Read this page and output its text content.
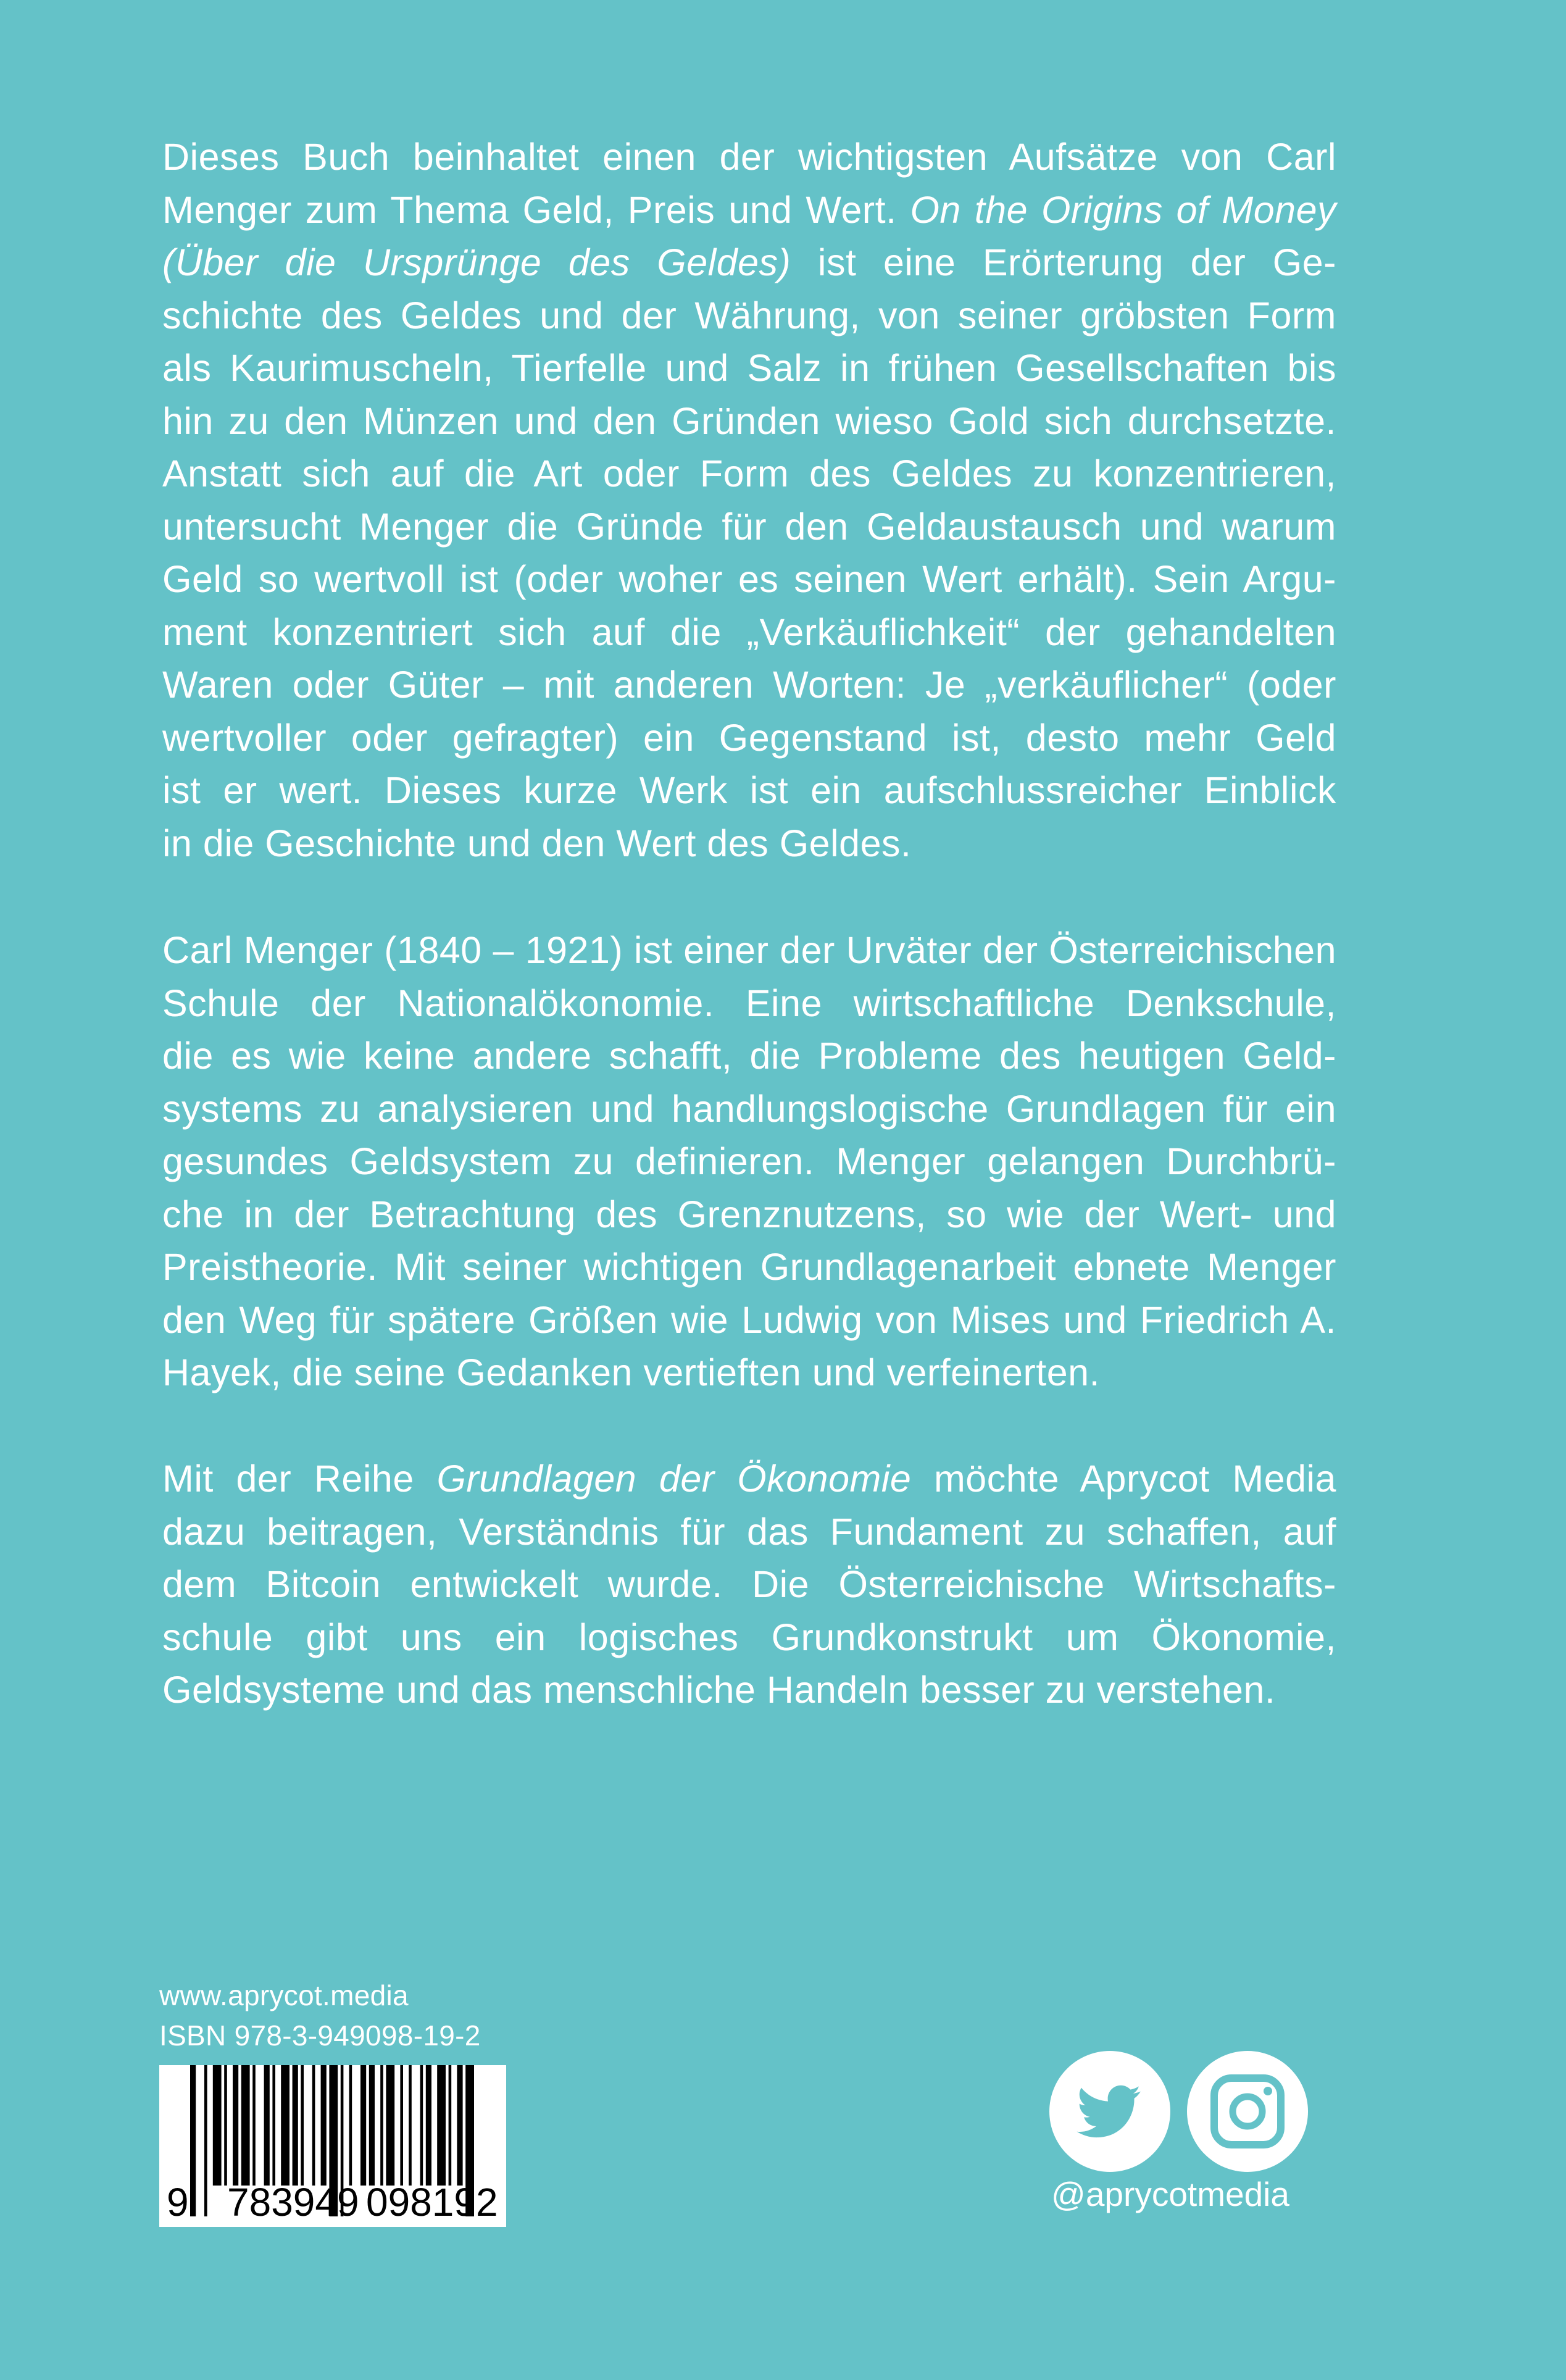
Dieses Buch beinhaltet einen der wichtigsten Aufsätze von Carl
Menger zum Thema Geld, Preis und Wert. On the Origins of Money
(Über die Ursprünge des Geldes) ist eine Erörterung der Ge-
schichte des Geldes und der Währung, von seiner gröbsten Form
als Kaurimuscheln, Tierfelle und Salz in frühen Gesellschaften bis
hin zu den Münzen und den Gründen wieso Gold sich durchsetzte.
Anstatt sich auf die Art oder Form des Geldes zu konzentrieren,
untersucht Menger die Gründe für den Geldaustausch und warum
Geld so wertvoll ist (oder woher es seinen Wert erhält). Sein Argu-
ment konzentriert sich auf die „Verkäuflichkeit“ der gehandelten
Waren oder Güter – mit anderen Worten: Je „verkäuflicher“ (oder
wertvoller oder gefragter) ein Gegenstand ist, desto mehr Geld
ist er wert. Dieses kurze Werk ist ein aufschlussreicher Einblick
in die Geschichte und den Wert des Geldes.
Carl Menger (1840 – 1921) ist einer der Urväter der Österreichischen
Schule der Nationalökonomie. Eine wirtschaftliche Denkschule,
die es wie keine andere schafft, die Probleme des heutigen Geld-
systems zu analysieren und handlungslogische Grundlagen für ein
gesundes Geldsystem zu definieren. Menger gelangen Durchbrü-
che in der Betrachtung des Grenznutzens, so wie der Wert- und
Preistheorie. Mit seiner wichtigen Grundlagenarbeit ebnete Menger
den Weg für spätere Größen wie Ludwig von Mises und Friedrich A.
Hayek, die seine Gedanken vertieften und verfeinerten.
Mit der Reihe Grundlagen der Ökonomie möchte Aprycot Media
dazu beitragen, Verständnis für das Fundament zu schaffen, auf
dem Bitcoin entwickelt wurde. Die Österreichische Wirtschafts-
schule gibt uns ein logisches Grundkonstrukt um Ökonomie,
Geldsysteme und das menschliche Handeln besser zu verstehen.
www.aprycot.media
ISBN 978-3-949098-19-2
9 783949 098192	@aprycotmedia
